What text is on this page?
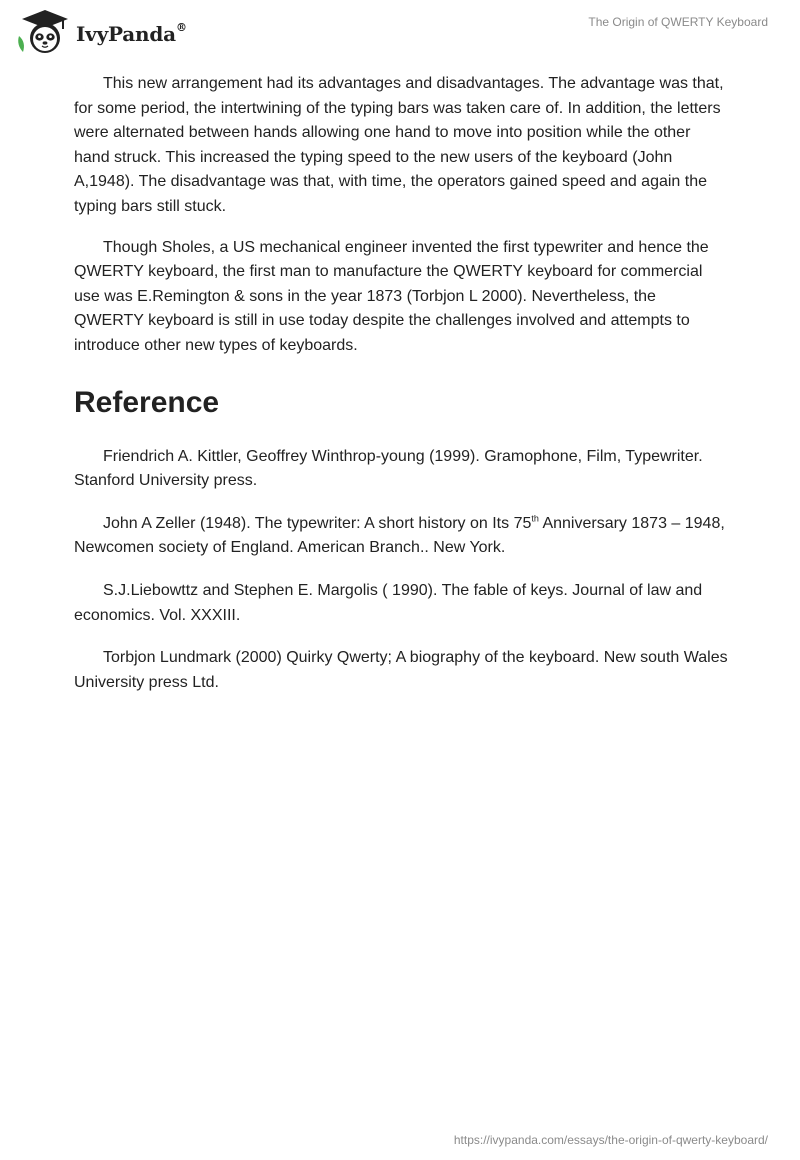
IvyPanda®	The Origin of QWERTY Keyboard

This new arrangement had its advantages and disadvantages. The advantage was that, for some period, the intertwining of the typing bars was taken care of. In addition, the letters were alternated between hands allowing one hand to move into position while the other hand struck. This increased the typing speed to the new users of the keyboard (John A,1948). The disadvantage was that, with time, the operators gained speed and again the typing bars still stuck.

Though Sholes, a US mechanical engineer invented the first typewriter and hence the QWERTY keyboard, the first man to manufacture the QWERTY keyboard for commercial use was E.Remington & sons in the year 1873 (Torbjon L 2000). Nevertheless, the QWERTY keyboard is still in use today despite the challenges involved and attempts to introduce other new types of keyboards.

Reference

Friendrich A. Kittler, Geoffrey Winthrop-young (1999). Gramophone, Film, Typewriter. Stanford University press.

John A Zeller (1948). The typewriter: A short history on Its 75th Anniversary 1873 – 1948, Newcomen society of England. American Branch.. New York.

S.J.Liebowttz and Stephen E. Margolis ( 1990). The fable of keys. Journal of law and economics. Vol. XXXIII.

Torbjon Lundmark (2000) Quirky Qwerty; A biography of the keyboard. New south Wales University press Ltd.

https://ivypanda.com/essays/the-origin-of-qwerty-keyboard/
